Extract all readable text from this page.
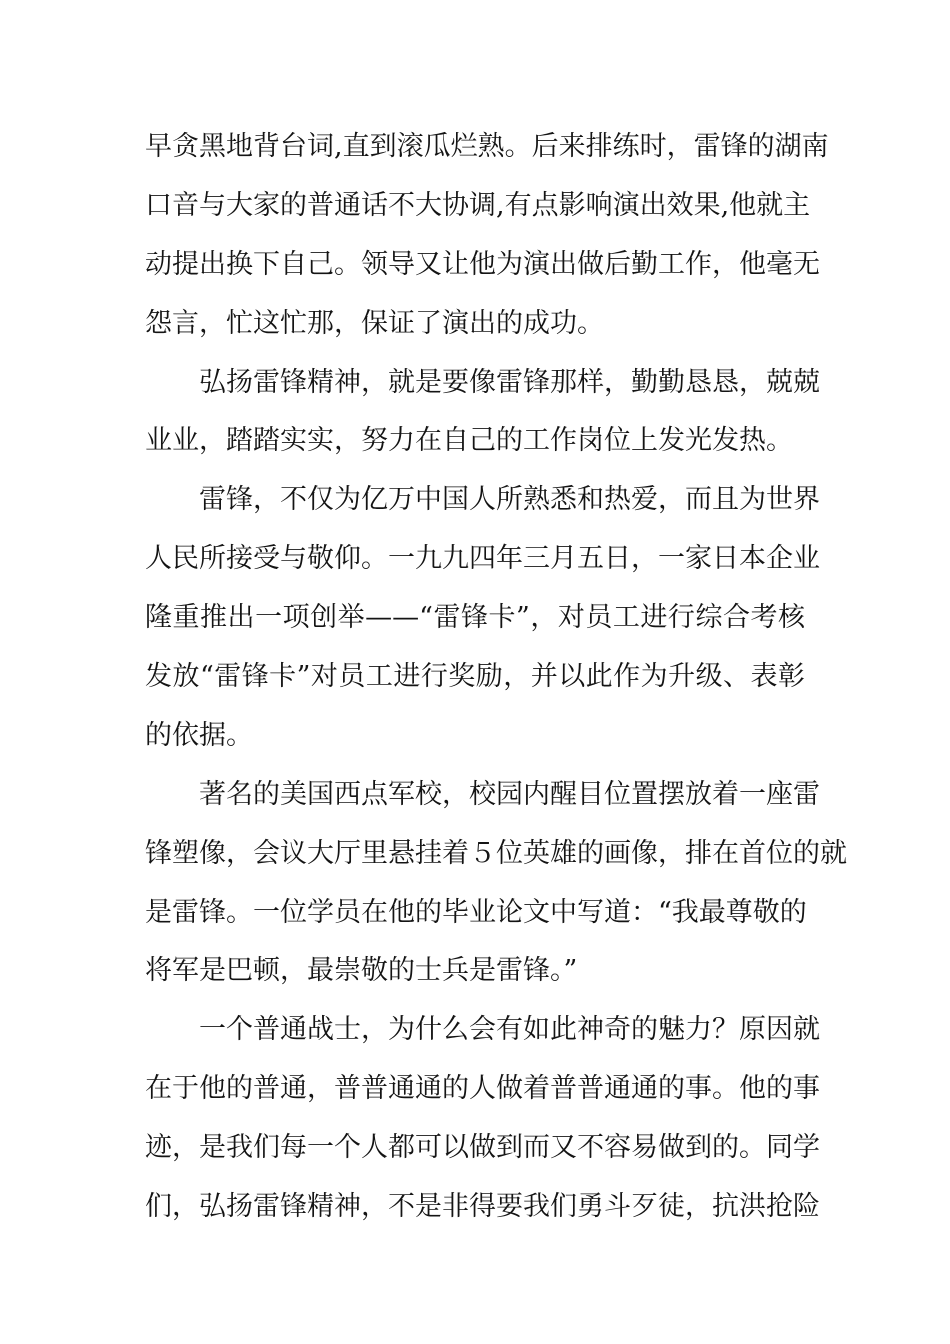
早贪黑地背台词,直到滚瓜烂熟。后来排练时，雷锋的湖南
口音与大家的普通话不大协调,有点影响演出效果,他就主
动提出换下自己。领导又让他为演出做后勤工作，他毫无
怨言，忙这忙那，保证了演出的成功。
弘扬雷锋精神，就是要像雷锋那样，勤勤恳恳，兢兢
业业，踏踏实实，努力在自己的工作岗位上发光发热。
雷锋，不仅为亿万中国人所熟悉和热爱，而且为世界
人民所接受与敬仰。一九九四年三月五日，一家日本企业
隆重推出一项创举——“雷锋卡”，对员工进行综合考核
发放“雷锋卡”对员工进行奖励，并以此作为升级、表彰
的依据。
著名的美国西点军校，校园内醒目位置摆放着一座雷
锋塑像，会议大厅里悬挂着５位英雄的画像，排在首位的就
是雷锋。一位学员在他的毕业论文中写道：“我最尊敬的
将军是巴顿，最崇敬的士兵是雷锋。”
一个普通战士，为什么会有如此神奇的魅力？原因就
在于他的普通，普普通通的人做着普普通通的事。他的事
迹，是我们每一个人都可以做到而又不容易做到的。同学
们，弘扬雷锋精神，不是非得要我们勇斗歹徒，抗洪抢险
